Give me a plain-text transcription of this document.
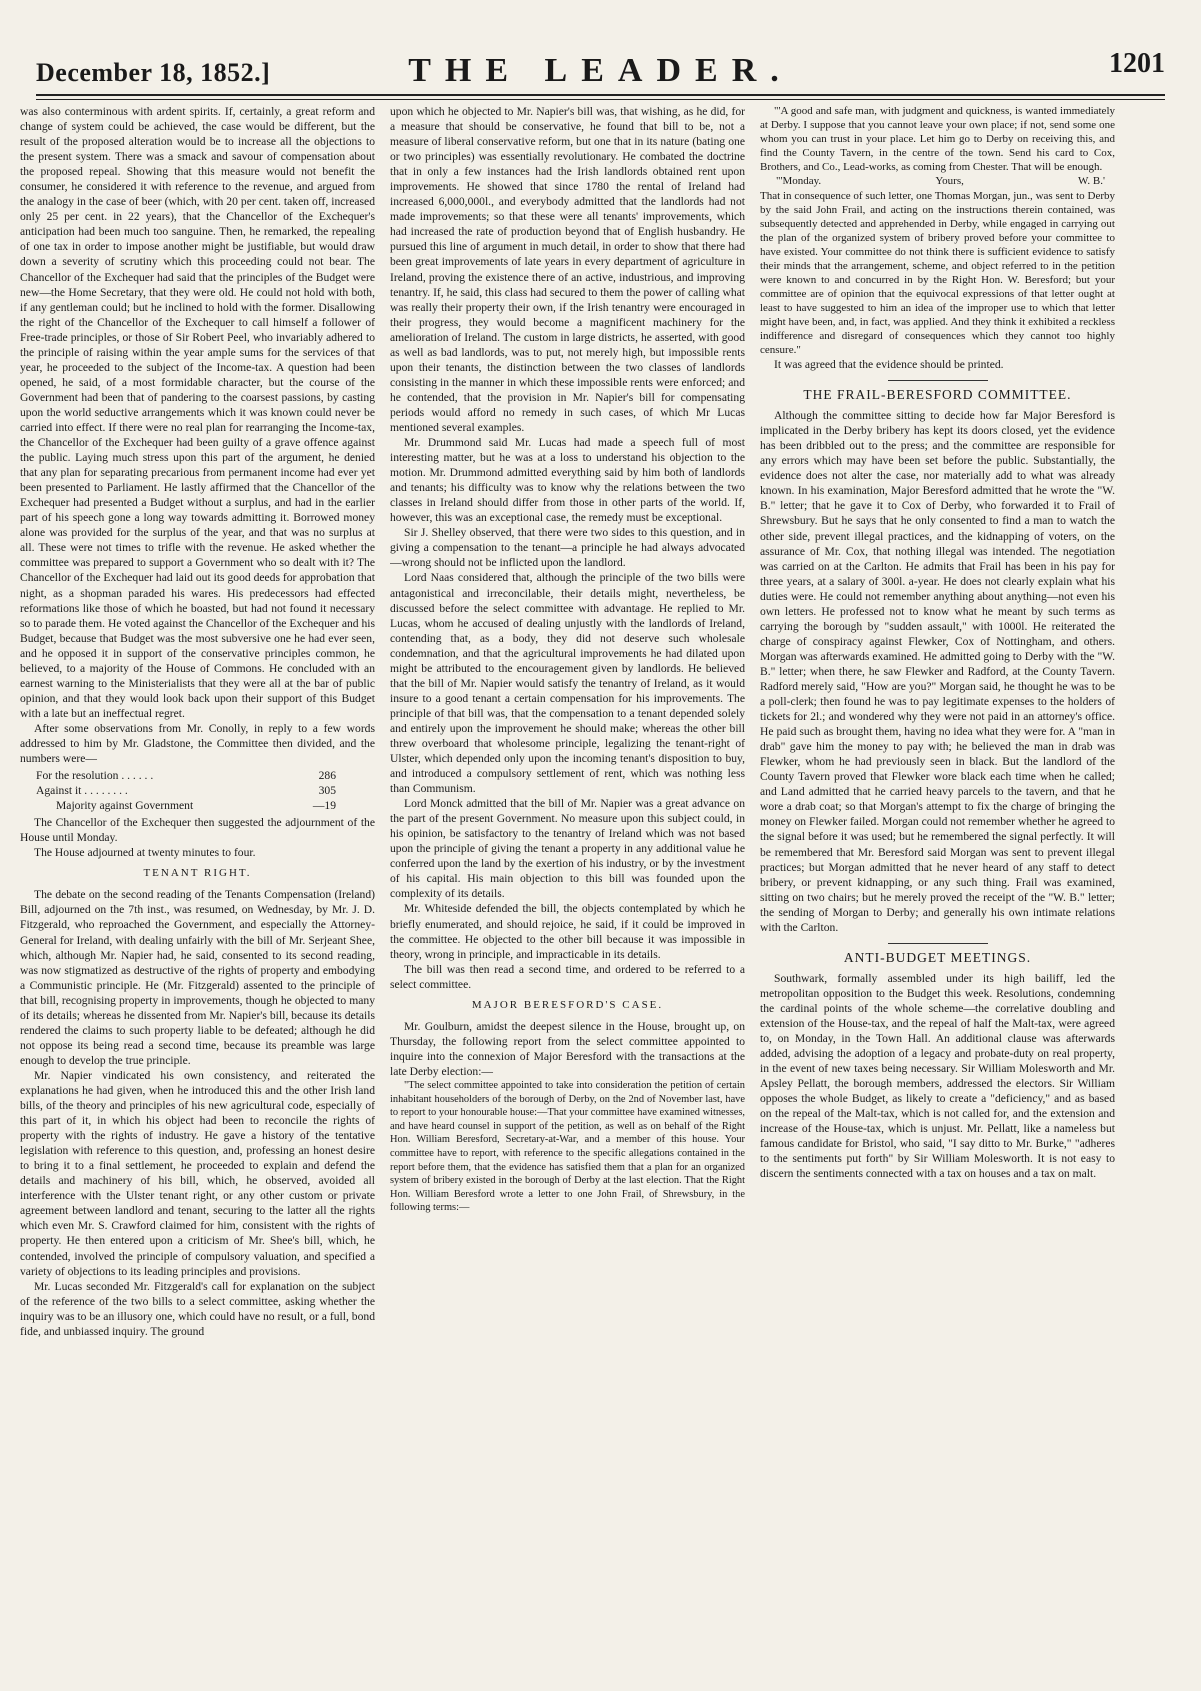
December 18, 1852.]	THE LEADER.	1201

was also conterminous with ardent spirits. If, certainly, a great reform and change of system could be achieved, the case would be different, but the result of the proposed alteration would be to increase all the objections to the present system. There was a smack and savour of compensation about the proposed repeal. Showing that this measure would not benefit the consumer, he considered it with reference to the revenue, and argued from the analogy in the case of beer (which, with 20 per cent. taken off, increased only 25 per cent. in 22 years), that the Chancellor of the Exchequer's anticipation had been much too sanguine. Then, he remarked, the repealing of one tax in order to impose another might be justifiable, but would draw down a severity of scrutiny which this proceeding could not bear. The Chancellor of the Exchequer had said that the principles of the Budget were new—the Home Secretary, that they were old. He could not hold with both, if any gentleman could; but he inclined to hold with the former. Disallowing the right of the Chancellor of the Exchequer to call himself a follower of Free-trade principles, or those of Sir Robert Peel, who invariably adhered to the principle of raising within the year ample sums for the services of that year, he proceeded to the subject of the Income-tax. A question had been opened, he said, of a most formidable character, but the course of the Government had been that of pandering to the coarsest passions, by casting upon the world seductive arrangements which it was known could never be carried into effect. If there were no real plan for rearranging the Income-tax, the Chancellor of the Exchequer had been guilty of a grave offence against the public. Laying much stress upon this part of the argument, he denied that any plan for separating precarious from permanent income had ever yet been presented to Parliament. He lastly affirmed that the Chancellor of the Exchequer had presented a Budget without a surplus, and had in the earlier part of his speech gone a long way towards admitting it. Borrowed money alone was provided for the surplus of the year, and that was no surplus at all. These were not times to trifle with the revenue. He asked whether the committee was prepared to support a Government who so dealt with it? The Chancellor of the Exchequer had laid out its good deeds for approbation that night, as a shopman paraded his wares. His predecessors had effected reformations like those of which he boasted, but had not found it necessary so to parade them. He voted against the Chancellor of the Exchequer and his Budget, because that Budget was the most subversive one he had ever seen, and he opposed it in support of the conservative principles common, he believed, to a majority of the House of Commons. He concluded with an earnest warning to the Ministerialists that they were all at the bar of public opinion, and that they would look back upon their support of this Budget with a late but an ineffectual regret.

After some observations from Mr. Conolly, in reply to a few words addressed to him by Mr. Gladstone, the Committee then divided, and the numbers were—

For the resolution . . . . . .	286
Against it . . . . . . . .	305
Majority against Government	—19

The Chancellor of the Exchequer then suggested the adjournment of the House until Monday.

The House adjourned at twenty minutes to four.

TENANT RIGHT.

The debate on the second reading of the Tenants Compensation (Ireland) Bill, adjourned on the 7th inst., was resumed, on Wednesday, by Mr. J. D. Fitzgerald, who reproached the Government, and especially the Attorney-General for Ireland, with dealing unfairly with the bill of Mr. Serjeant Shee, which, although Mr. Napier had, he said, consented to its second reading, was now stigmatized as destructive of the rights of property and embodying a Communistic principle. He (Mr. Fitzgerald) assented to the principle of that bill, recognising property in improvements, though he objected to many of its details; whereas he dissented from Mr. Napier's bill, because its details rendered the claims to such property liable to be defeated; although he did not oppose its being read a second time, because its preamble was large enough to develop the true principle.

Mr. Napier vindicated his own consistency, and reiterated the explanations he had given, when he introduced this and the other Irish land bills, of the theory and principles of his new agricultural code, especially of this part of it, in which his object had been to reconcile the rights of property with the rights of industry. He gave a history of the tentative legislation with reference to this question, and, professing an honest desire to bring it to a final settlement, he proceeded to explain and defend the details and machinery of his bill, which, he observed, avoided all interference with the Ulster tenant right, or any other custom or private agreement between landlord and tenant, securing to the latter all the rights which even Mr. S. Crawford claimed for him, consistent with the rights of property. He then entered upon a criticism of Mr. Shee's bill, which, he contended, involved the principle of compulsory valuation, and specified a variety of objections to its leading principles and provisions.

Mr. Lucas seconded Mr. Fitzgerald's call for explanation on the subject of the reference of the two bills to a select committee, asking whether the inquiry was to be an illusory one, which could have no result, or a full, bond fide, and unbiassed inquiry. The ground

upon which he objected to Mr. Napier's bill was, that wishing, as he did, for a measure that should be conservative, he found that bill to be, not a measure of liberal conservative reform, but one that in its nature (bating one or two principles) was essentially revolutionary. He combated the doctrine that in only a few instances had the Irish landlords obtained rent upon improvements. He showed that since 1780 the rental of Ireland had increased 6,000,000l., and everybody admitted that the landlords had not made improvements; so that these were all tenants' improvements, which had increased the rate of production beyond that of English husbandry. He pursued this line of argument in much detail, in order to show that there had been great improvements of late years in every department of agriculture in Ireland, proving the existence there of an active, industrious, and improving tenantry. If, he said, this class had secured to them the power of calling what was really their property their own, if the Irish tenantry were encouraged in their progress, they would become a magnificent machinery for the amelioration of Ireland. The custom in large districts, he asserted, with good as well as bad landlords, was to put, not merely high, but impossible rents upon their tenants, the distinction between the two classes of landlords consisting in the manner in which these impossible rents were enforced; and he contended, that the provision in Mr. Napier's bill for compensating periods would afford no remedy in such cases, of which Mr Lucas mentioned several examples.

Mr. Drummond said Mr. Lucas had made a speech full of most interesting matter, but he was at a loss to understand his objection to the motion. Mr. Drummond admitted everything said by him both of landlords and tenants; his difficulty was to know why the relations between the two classes in Ireland should differ from those in other parts of the world. If, however, this was an exceptional case, the remedy must be exceptional.

Sir J. Shelley observed, that there were two sides to this question, and in giving a compensation to the tenant—a principle he had always advocated—wrong should not be inflicted upon the landlord.

Lord Naas considered that, although the principle of the two bills were antagonistical and irreconcilable, their details might, nevertheless, be discussed before the select committee with advantage. He replied to Mr. Lucas, whom he accused of dealing unjustly with the landlords of Ireland, contending that, as a body, they did not deserve such wholesale condemnation, and that the agricultural improvements he had dilated upon might be attributed to the encouragement given by landlords. He believed that the bill of Mr. Napier would satisfy the tenantry of Ireland, as it would insure to a good tenant a certain compensation for his improvements. The principle of that bill was, that the compensation to a tenant depended solely and entirely upon the improvement he should make; whereas the other bill threw overboard that wholesome principle, legalizing the tenant-right of Ulster, which depended only upon the incoming tenant's disposition to buy, and introduced a compulsory settlement of rent, which was nothing less than Communism.

Lord Monck admitted that the bill of Mr. Napier was a great advance on the part of the present Government. No measure upon this subject could, in his opinion, be satisfactory to the tenantry of Ireland which was not based upon the principle of giving the tenant a property in any additional value he conferred upon the land by the exertion of his industry, or by the investment of his capital. His main objection to this bill was founded upon the complexity of its details.

Mr. Whiteside defended the bill, the objects contemplated by which he briefly enumerated, and should rejoice, he said, if it could be improved in the committee. He objected to the other bill because it was impossible in theory, wrong in principle, and impracticable in its details.

The bill was then read a second time, and ordered to be referred to a select committee.

MAJOR BERESFORD'S CASE.

Mr. Goulburn, amidst the deepest silence in the House, brought up, on Thursday, the following report from the select committee appointed to inquire into the connexion of Major Beresford with the transactions at the late Derby election:—

"The select committee appointed to take into consideration the petition of certain inhabitant householders of the borough of Derby, on the 2nd of November last, have to report to your honourable house:—That your committee have examined witnesses, and have heard counsel in support of the petition, as well as on behalf of the Right Hon. William Beresford, Secretary-at-War, and a member of this house. Your committee have to report, with reference to the specific allegations contained in the report before them, that the evidence has satisfied them that a plan for an organized system of bribery existed in the borough of Derby at the last election. That the Right Hon. William Beresford wrote a letter to one John Frail, of Shrewsbury, in the following terms:—

"'A good and safe man, with judgment and quickness, is wanted immediately at Derby. I suppose that you cannot leave your own place; if not, send some one whom you can trust in your place. Let him go to Derby on receiving this, and find the County Tavern, in the centre of the town. Send his card to Cox, Brothers, and Co., Lead-works, as coming from Chester. That will be enough.

"'Monday.	Yours,	W. B.'

That in consequence of such letter, one Thomas Morgan, jun., was sent to Derby by the said John Frail, and acting on the instructions therein contained, was subsequently detected and apprehended in Derby, while engaged in carrying out the plan of the organized system of bribery proved before your committee to have existed. Your committee do not think there is sufficient evidence to satisfy their minds that the arrangement, scheme, and object referred to in the petition were known to and concurred in by the Right Hon. W. Beresford; but your committee are of opinion that the equivocal expressions of that letter ought at least to have suggested to him an idea of the improper use to which that letter might have been, and, in fact, was applied. And they think it exhibited a reckless indifference and disregard of consequences which they cannot too highly censure."

It was agreed that the evidence should be printed.

THE FRAIL-BERESFORD COMMITTEE.

Although the committee sitting to decide how far Major Beresford is implicated in the Derby bribery has kept its doors closed, yet the evidence has been dribbled out to the press; and the committee are responsible for any errors which may have been set before the public. Substantially, the evidence does not alter the case, nor materially add to what was already known. In his examination, Major Beresford admitted that he wrote the "W. B." letter; that he gave it to Cox of Derby, who forwarded it to Frail of Shrewsbury. But he says that he only consented to find a man to watch the other side, prevent illegal practices, and the kidnapping of voters, on the assurance of Mr. Cox, that nothing illegal was intended. The negotiation was carried on at the Carlton. He admits that Frail has been in his pay for three years, at a salary of 300l. a-year. He does not clearly explain what his duties were. He could not remember anything about anything—not even his own letters. He professed not to know what he meant by such terms as carrying the borough by "sudden assault," with 1000l. He reiterated the charge of conspiracy against Flewker, Cox of Nottingham, and others. Morgan was afterwards examined. He admitted going to Derby with the "W. B." letter; when there, he saw Flewker and Radford, at the County Tavern. Radford merely said, "How are you?" Morgan said, he thought he was to be a poll-clerk; then found he was to pay legitimate expenses to the holders of tickets for 2l.; and wondered why they were not paid in an attorney's office. He paid such as brought them, having no idea what they were for. A "man in drab" gave him the money to pay with; he believed the man in drab was Flewker, whom he had previously seen in black. But the landlord of the County Tavern proved that Flewker wore black each time when he called; and Land admitted that he carried heavy parcels to the tavern, and that he wore a drab coat; so that Morgan's attempt to fix the charge of bringing the money on Flewker failed. Morgan could not remember whether he agreed to the signal before it was used; but he remembered the signal perfectly. It will be remembered that Mr. Beresford said Morgan was sent to prevent illegal practices; but Morgan admitted that he never heard of any staff to detect bribery, or prevent kidnapping, or any such thing. Frail was examined, sitting on two chairs; but he merely proved the receipt of the "W. B." letter; the sending of Morgan to Derby; and generally his own intimate relations with the Carlton.

ANTI-BUDGET MEETINGS.

Southwark, formally assembled under its high bailiff, led the metropolitan opposition to the Budget this week. Resolutions, condemning the cardinal points of the whole scheme—the correlative doubling and extension of the House-tax, and the repeal of half the Malt-tax, were agreed to, on Monday, in the Town Hall. An additional clause was afterwards added, advising the adoption of a legacy and probate-duty on real property, in the event of new taxes being necessary. Sir William Molesworth and Mr. Apsley Pellatt, the borough members, addressed the electors. Sir William opposes the whole Budget, as likely to create a "deficiency," and as based on the repeal of the Malt-tax, which is not called for, and the extension and increase of the House-tax, which is unjust. Mr. Pellatt, like a nameless but famous candidate for Bristol, who said, "I say ditto to Mr. Burke," "adheres to the sentiments put forth" by Sir William Molesworth. It is not easy to discern the sentiments connected with a tax on houses and a tax on malt.
